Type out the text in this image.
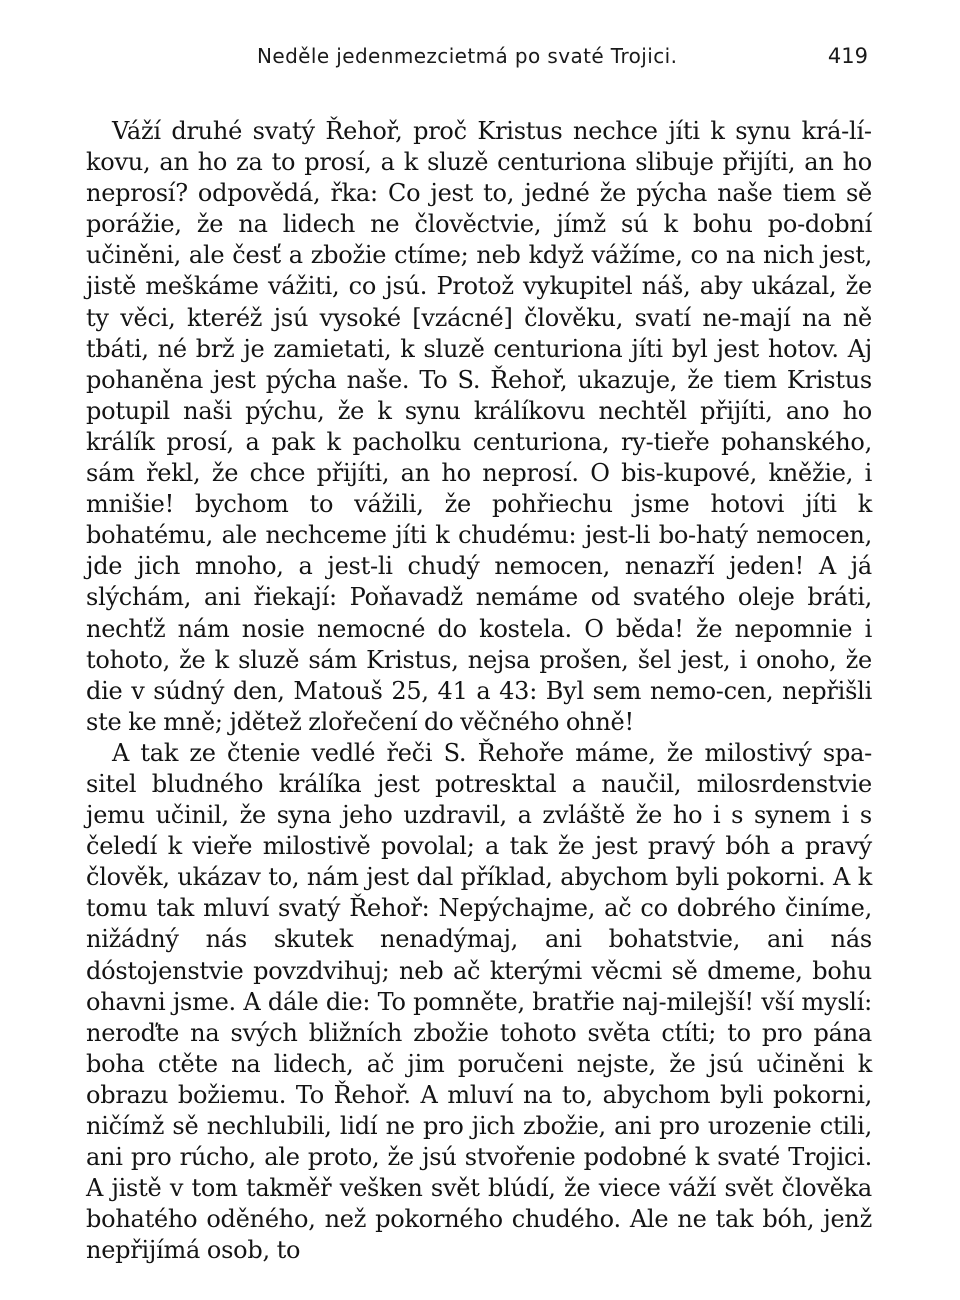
Neděle jedenmezcietmá po svaté Trojici.	419

Váží druhé svatý Řehoř, proč Kristus nechce jíti k synu krá-líkovu, an ho za to prosí, a k sluzě centuriona slibuje přijíti, an ho neprosí? odpovědá, řka: Co jest to, jedné že pýcha naše tiem sě porážie, že na lidech ne člověctvie, jímž sú k bohu po-dobní učiněni, ale česť a zbožie ctíme; neb když vážíme, co na nich jest, jistě meškáme vážiti, co jsú. Protož vykupitel náš, aby ukázal, že ty věci, kteréž jsú vysoké [vzácné] člověku, svatí ne-mají na ně tbáti, né brž je zamietati, k sluzě centuriona jíti byl jest hotov. Aj pohaněna jest pýcha naše. To S. Řehoř, ukazuje, že tiem Kristus potupil naši pýchu, že k synu králíkovu nechtěl přijíti, ano ho králík prosí, a pak k pacholku centuriona, ry-tieře pohanského, sám řekl, že chce přijíti, an ho neprosí. O bis-kupové, kněžie, i mnišie! bychom to vážili, že pohřiechu jsme hotovi jíti k bohatému, ale nechceme jíti k chudému: jest-li bo-hatý nemocen, jde jich mnoho, a jest-li chudý nemocen, nenazří jeden! A já slýchám, ani řiekají: Poňavadž nemáme od svatého oleje bráti, nechťž nám nosie nemocné do kostela. O běda! že nepomnie i tohoto, že k sluzě sám Kristus, nejsa prošen, šel jest, i onoho, že die v súdný den, Matouš 25, 41 a 43: Byl sem nemo-cen, nepřišli ste ke mně; jdětež zlořečení do věčného ohně!

A tak ze čtenie vedlé řeči S. Řehoře máme, že milostivý spa-sitel bludného králíka jest potresktal a naučil, milosrdenstvie jemu učinil, že syna jeho uzdravil, a zvláště že ho i s synem i s čeledí k vieře milostivě povolal; a tak že jest pravý bóh a pravý člověk, ukázav to, nám jest dal příklad, abychom byli pokorni. A k tomu tak mluví svatý Řehoř: Nepýchajme, ač co dobrého činíme, nižádný nás skutek nenadýmaj, ani bohatstvie, ani nás dóstojenstvie povzdvihuj; neb ač kterými věcmi sě dmeme, bohu ohavni jsme. A dále die: To pomněte, bratřie naj-milejší! vší myslí: neroďte na svých bližních zbožie tohoto světa ctíti; to pro pána boha ctěte na lidech, ač jim poručeni nejste, že jsú učiněni k obrazu božiemu. To Řehoř. A mluví na to, abychom byli pokorni, ničímž sě nechlubili, lidí ne pro jich zbožie, ani pro urozenie ctili, ani pro rúcho, ale proto, že jsú stvořenie podobné k svaté Trojici. A jistě v tom takměř vešken svět blúdí, že viece váží svět člověka bohatého oděného, než pokorného chudého. Ale ne tak bóh, jenž nepřijímá osob, to
